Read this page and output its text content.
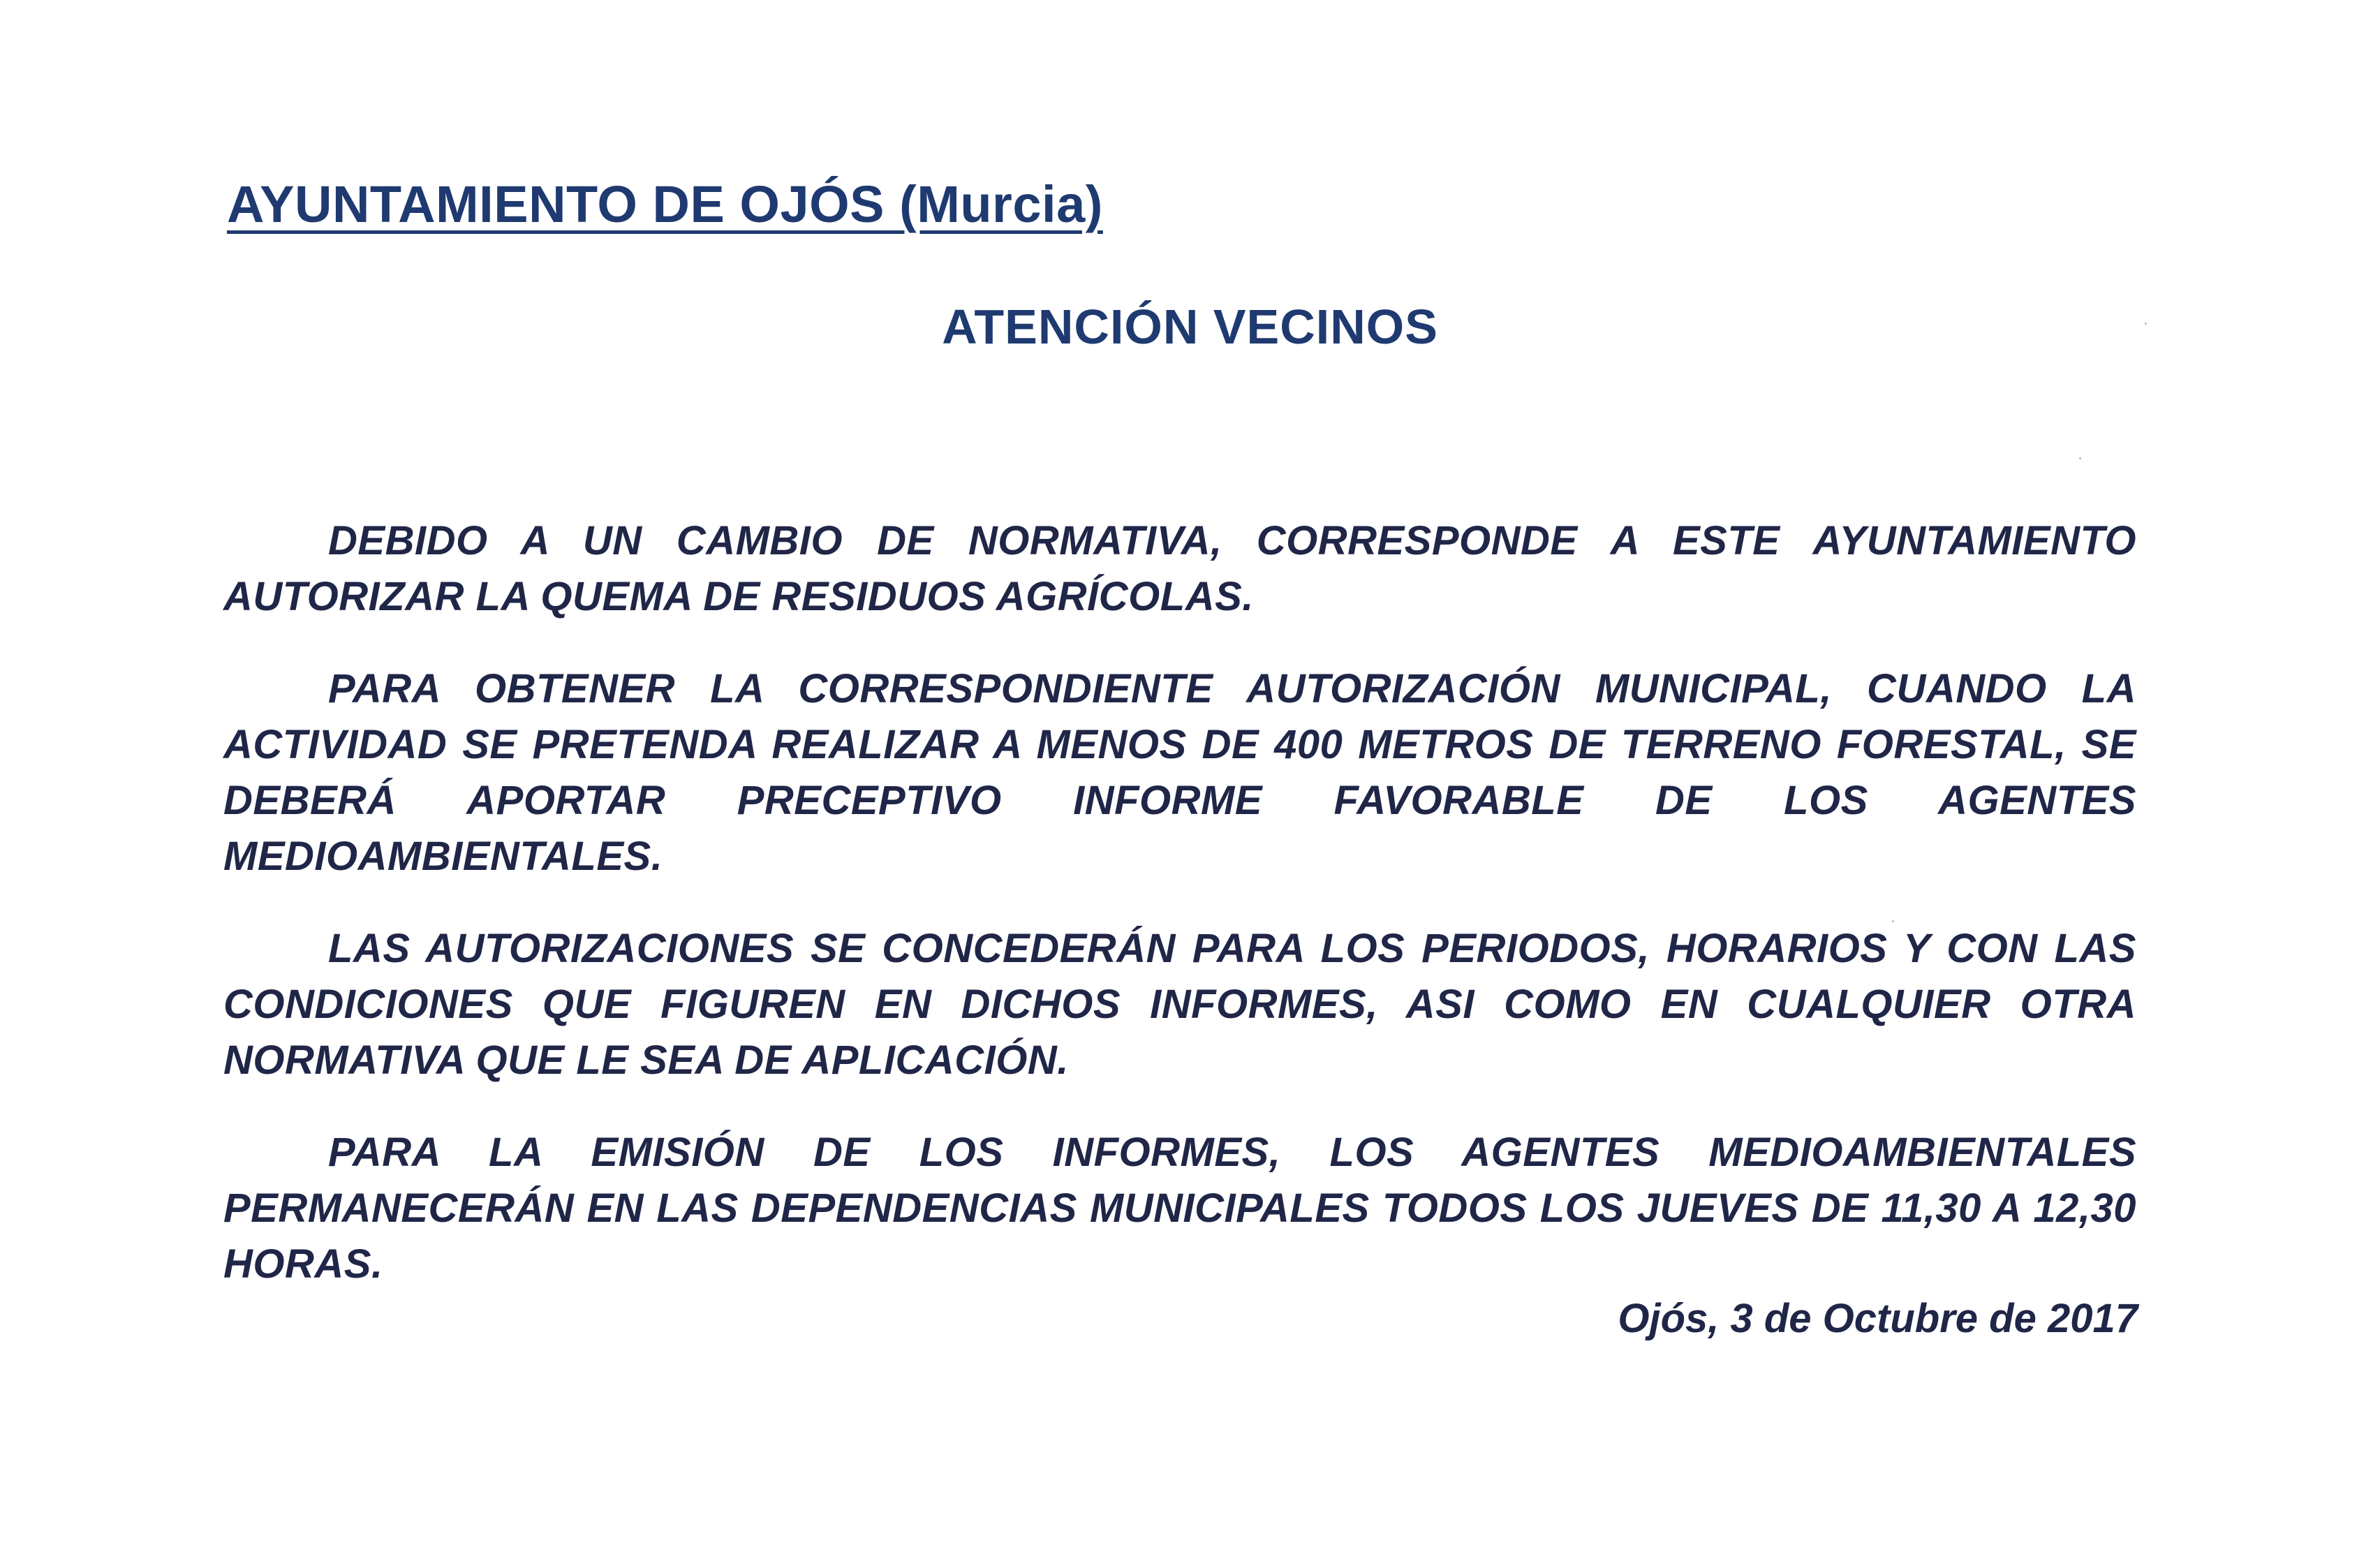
AYUNTAMIENTO DE OJÓS (Murcia)
ATENCIÓN VECINOS

DEBIDO A UN CAMBIO DE NORMATIVA, CORRESPONDE A ESTE AYUNTAMIENTO AUTORIZAR LA QUEMA DE RESIDUOS AGRÍCOLAS.

PARA OBTENER LA CORRESPONDIENTE AUTORIZACIÓN MUNICIPAL, CUANDO LA ACTIVIDAD SE PRETENDA REALIZAR A MENOS DE 400 METROS DE TERRENO FORESTAL, SE DEBERÁ APORTAR PRECEPTIVO INFORME FAVORABLE DE LOS AGENTES MEDIOAMBIENTALES.

LAS AUTORIZACIONES SE CONCEDERÁN PARA LOS PERIODOS, HORARIOS Y CON LAS CONDICIONES QUE FIGUREN EN DICHOS INFORMES, ASI COMO EN CUALQUIER OTRA NORMATIVA QUE LE SEA DE APLICACIÓN.

PARA LA EMISIÓN DE LOS INFORMES, LOS AGENTES MEDIOAMBIENTALES PERMANECERÁN EN LAS DEPENDENCIAS MUNICIPALES TODOS LOS JUEVES DE 11,30 A 12,30 HORAS.

Ojós, 3 de Octubre de 2017
